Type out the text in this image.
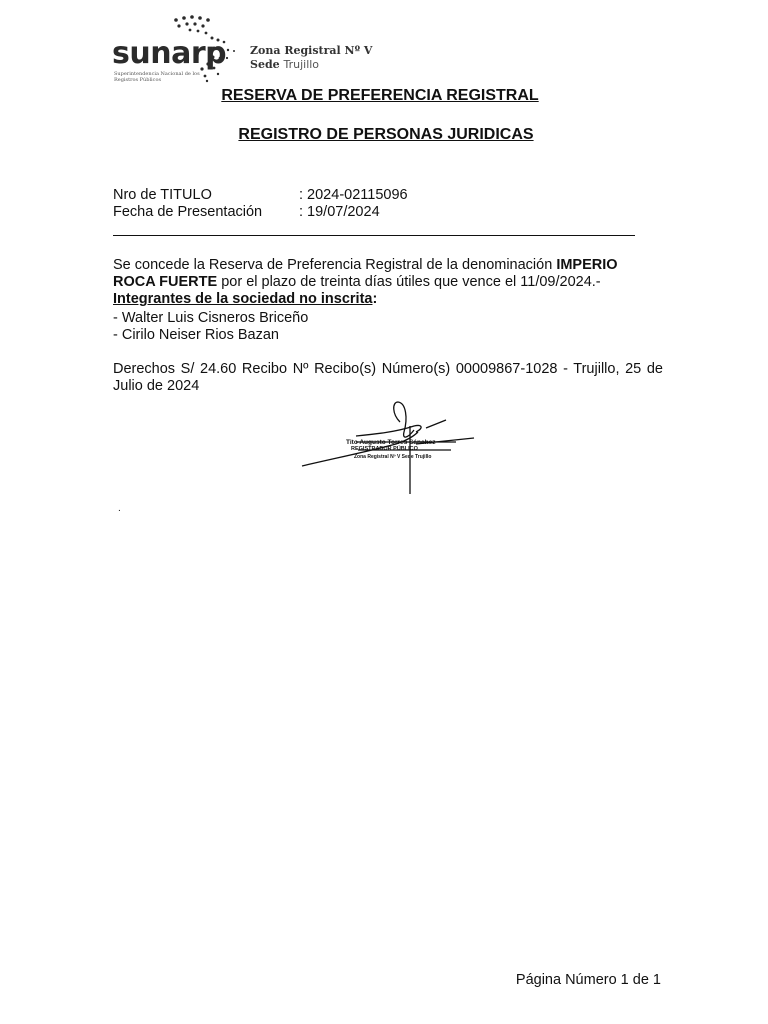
sunarp
Superintendencia Nacional de los Registros Públicos
Zona Registral Nº V
Sede Trujillo
RESERVA DE PREFERENCIA REGISTRAL
REGISTRO DE PERSONAS JURIDICAS
Nro de TITULO	: 2024-02115096
Fecha de Presentación	: 19/07/2024
Se concede la Reserva de Preferencia Registral de la denominación IMPERIO
ROCA FUERTE por el plazo de treinta días útiles que vence el 11/09/2024.-
Integrantes de la sociedad no inscrita:
- Walter Luis Cisneros Briceño
- Cirilo Neiser Rios Bazan
Derechos S/ 24.60 Recibo Nº Recibo(s) Número(s) 00009867-1028 - Trujillo, 25 de Julio de 2024
Tito Augusto Torres Sánchez
REGISTRADOR PÚBLICO
Zona Registral Nº V Sede Trujillo
.
Página Número 1 de 1
